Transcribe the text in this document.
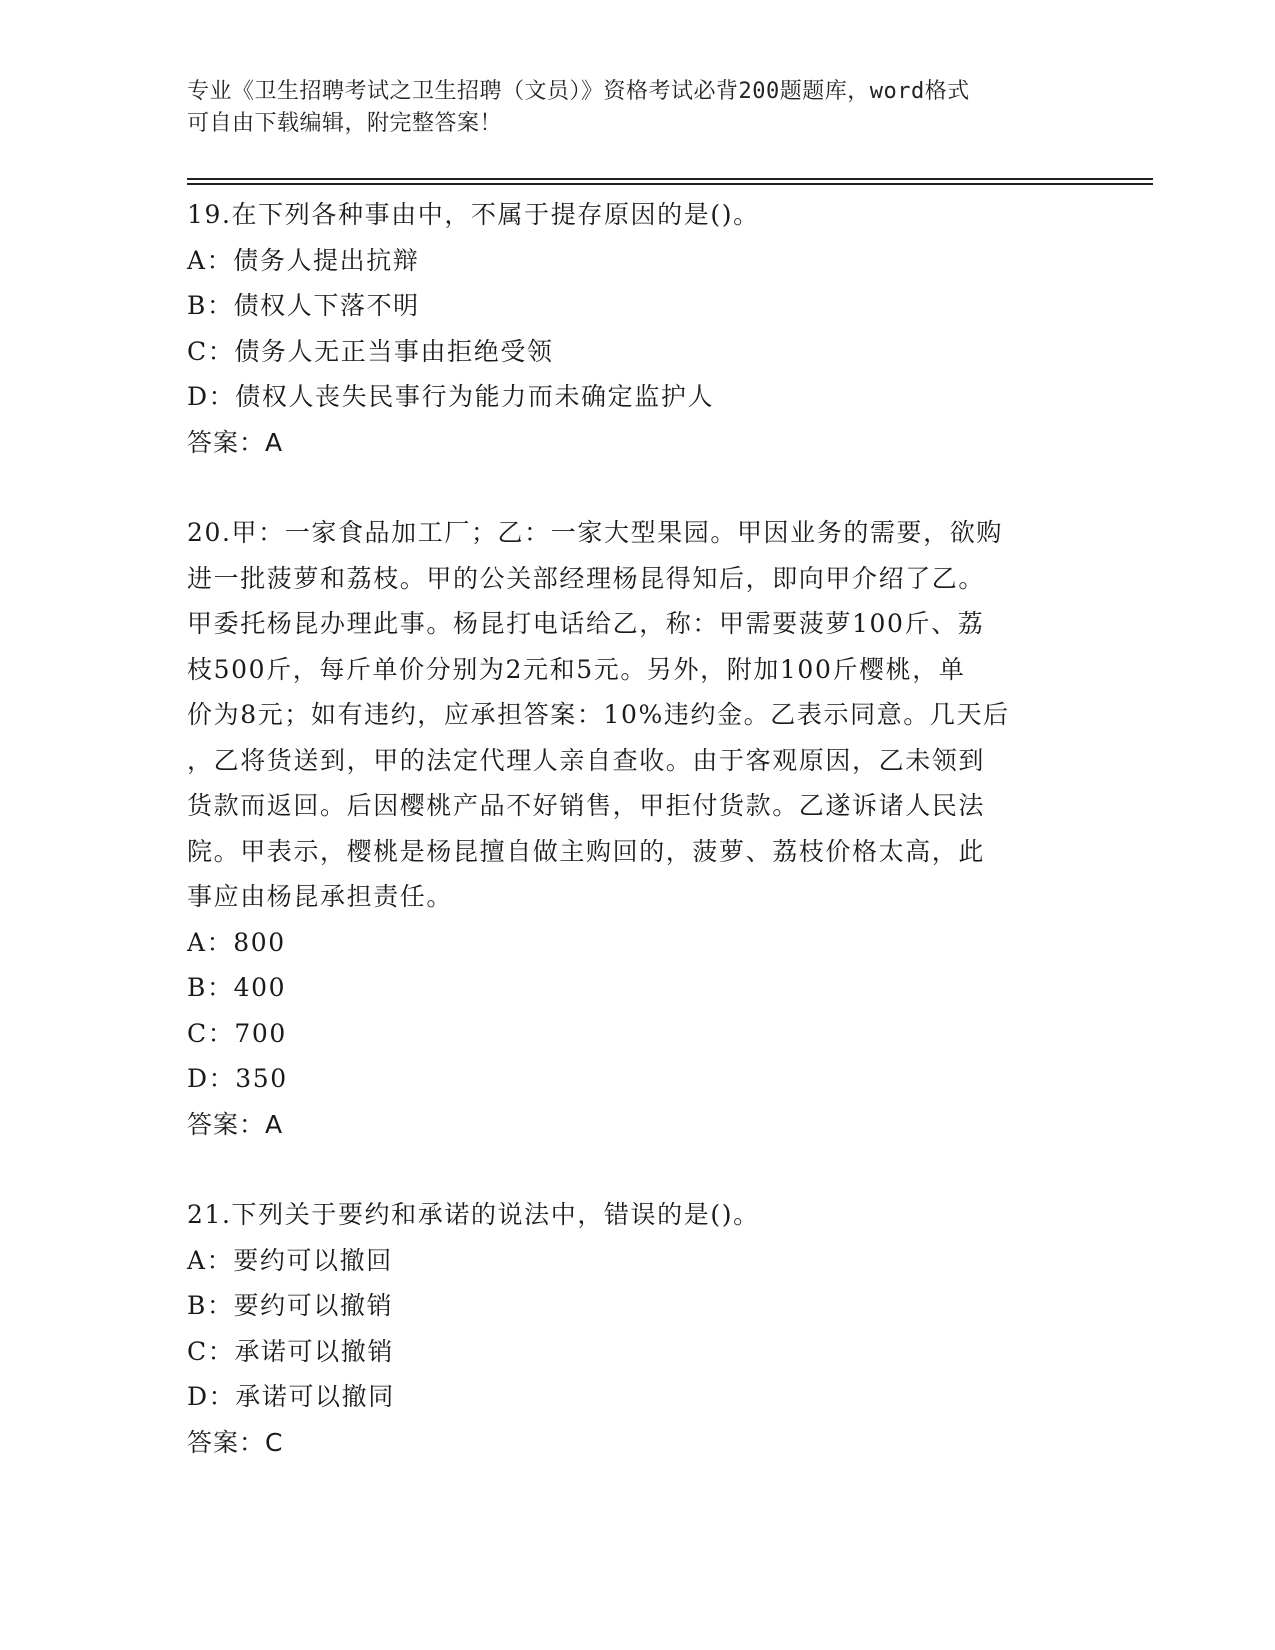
专业《卫生招聘考试之卫生招聘（文员）》资格考试必背200题题库，word格式
可自由下载编辑，附完整答案！
19.在下列各种事由中，不属于提存原因的是()。
A：债务人提出抗辩
B：债权人下落不明
C：债务人无正当事由拒绝受领
D：债权人丧失民事行为能力而未确定监护人
答案：A
20.甲：一家食品加工厂；乙：一家大型果园。甲因业务的需要，欲购
进一批菠萝和荔枝。甲的公关部经理杨昆得知后，即向甲介绍了乙。
甲委托杨昆办理此事。杨昆打电话给乙，称：甲需要菠萝100斤、荔
枝500斤，每斤单价分别为2元和5元。另外，附加100斤樱桃，单
价为8元；如有违约，应承担答案：10%违约金。乙表示同意。几天后
，乙将货送到，甲的法定代理人亲自查收。由于客观原因，乙未领到
货款而返回。后因樱桃产品不好销售，甲拒付货款。乙遂诉诸人民法
院。甲表示，樱桃是杨昆擅自做主购回的，菠萝、荔枝价格太高，此
事应由杨昆承担责任。
A：800
B：400
C：700
D：350
答案：A
21.下列关于要约和承诺的说法中，错误的是()。
A：要约可以撤回
B：要约可以撤销
C：承诺可以撤销
D：承诺可以撤同
答案：C
